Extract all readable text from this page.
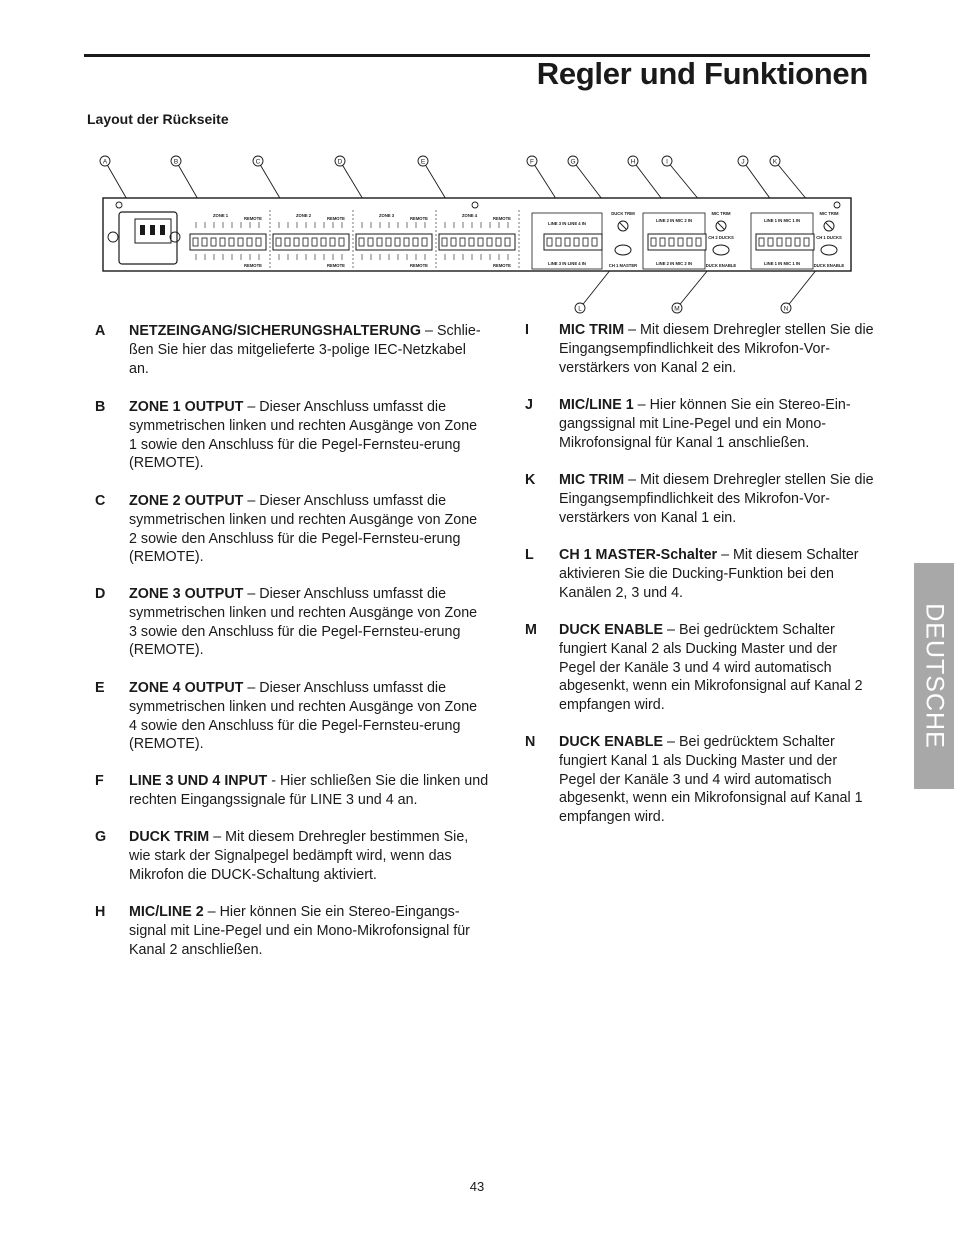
Regler und Funktionen
Layout der Rückseite
ZONE 1
REMOTE
REMOTE
ZONE 2
REMOTE
REMOTE
ZONE 3
REMOTE
REMOTE
ZONE 4
REMOTE
REMOTE
LINE 3 IN LINE 4 IN
LINE 3 IN LINE 4 IN
DUCK TRIM
CH 1 MASTER
LINE 2 IN MIC 2 IN
LINE 2 IN MIC 2 IN
MIC TRIM
CH 2 DUCKS
DUCK ENABLE
LINE 1 IN MIC 1 IN
LINE 1 IN MIC 1 IN
MIC TRIM
CH 1 DUCKS
DUCK ENABLE
A	B	C	D	E	F	G	H	I	J	K
L	M	N
DEUTSCHE
A NETZEINGANG/SICHERUNGSHALTERUNG – Schlie-ßen Sie hier das mitgelieferte 3-polige IEC-Netzkabel an.
B ZONE 1 OUTPUT – Dieser Anschluss umfasst die symmetrischen linken und rechten Ausgänge von Zone 1 sowie den Anschluss für die Pegel-Fernsteu-erung (REMOTE).
C ZONE 2 OUTPUT – Dieser Anschluss umfasst die symmetrischen linken und rechten Ausgänge von Zone 2 sowie den Anschluss für die Pegel-Fernsteu-erung (REMOTE).
D ZONE 3 OUTPUT – Dieser Anschluss umfasst die symmetrischen linken und rechten Ausgänge von Zone 3 sowie den Anschluss für die Pegel-Fernsteu-erung (REMOTE).
E ZONE 4 OUTPUT – Dieser Anschluss umfasst die symmetrischen linken und rechten Ausgänge von Zone 4 sowie den Anschluss für die Pegel-Fernsteu-erung (REMOTE).
F LINE 3 UND 4 INPUT - Hier schließen Sie die linken und rechten Eingangssignale für LINE 3 und 4 an.
G DUCK TRIM – Mit diesem Drehregler bestimmen Sie, wie stark der Signalpegel bedämpft wird, wenn das Mikrofon die DUCK-Schaltung aktiviert.
H MIC/LINE 2 – Hier können Sie ein Stereo-Eingangs-signal mit Line-Pegel und ein Mono-Mikrofonsignal für Kanal 2 anschließen.
I MIC TRIM – Mit diesem Drehregler stellen Sie die Eingangsempfindlichkeit des Mikrofon-Vor-verstärkers von Kanal 2 ein.
J MIC/LINE 1 – Hier können Sie ein Stereo-Ein-gangssignal mit Line-Pegel und ein Mono-Mikrofonsignal für Kanal 1 anschließen.
K MIC TRIM – Mit diesem Drehregler stellen Sie die Eingangsempfindlichkeit des Mikrofon-Vor-verstärkers von Kanal 1 ein.
L CH 1 MASTER-Schalter – Mit diesem Schalter aktivieren Sie die Ducking-Funktion bei den Kanälen 2, 3 und 4.
M DUCK ENABLE – Bei gedrücktem Schalter fungiert Kanal 2 als Ducking Master und der Pegel der Kanäle 3 und 4 wird automatisch abgesenkt, wenn ein Mikrofonsignal auf Kanal 2 empfangen wird.
N DUCK ENABLE – Bei gedrücktem Schalter fungiert Kanal 1 als Ducking Master und der Pegel der Kanäle 3 und 4 wird automatisch abgesenkt, wenn ein Mikrofonsignal auf Kanal 1 empfangen wird.
43
